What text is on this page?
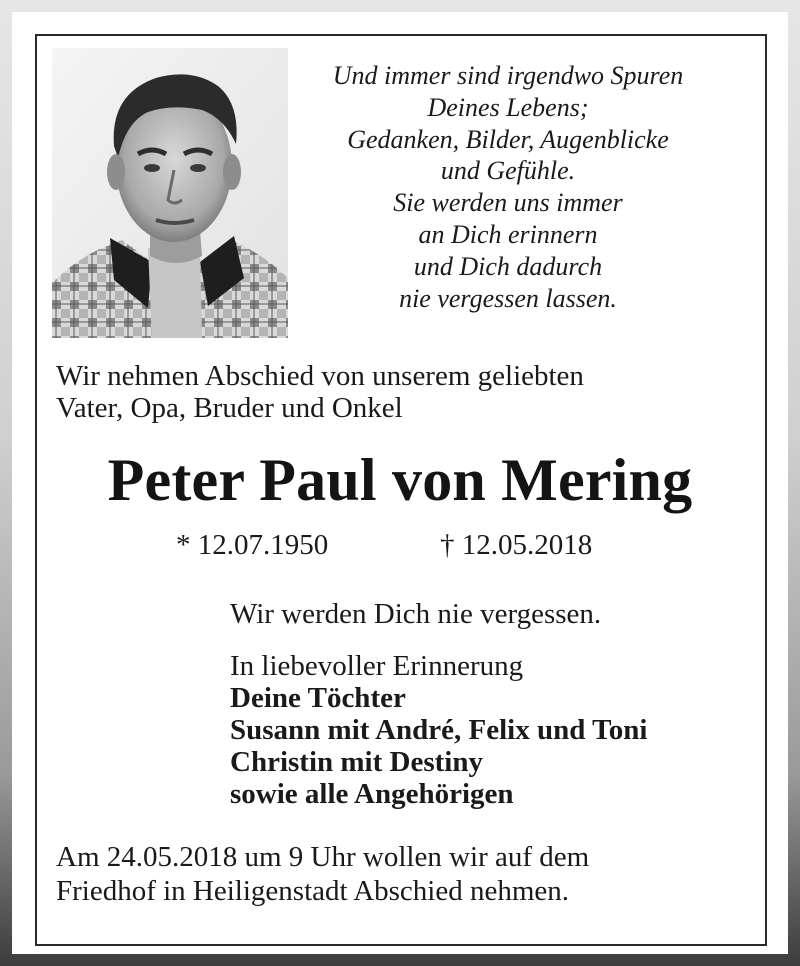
Und immer sind irgendwo Spuren
Deines Lebens;
Gedanken, Bilder, Augenblicke
und Gefühle.
Sie werden uns immer
an Dich erinnern
und Dich dadurch
nie vergessen lassen.
Wir nehmen Abschied von unserem geliebten
Vater, Opa, Bruder und Onkel
Peter Paul von Mering
* 12.07.1950	† 12.05.2018
Wir werden Dich nie vergessen.
In liebevoller Erinnerung
Deine Töchter
Susann mit André, Felix und Toni
Christin mit Destiny
sowie alle Angehörigen
Am 24.05.2018 um 9 Uhr wollen wir auf dem
Friedhof in Heiligenstadt Abschied nehmen.
